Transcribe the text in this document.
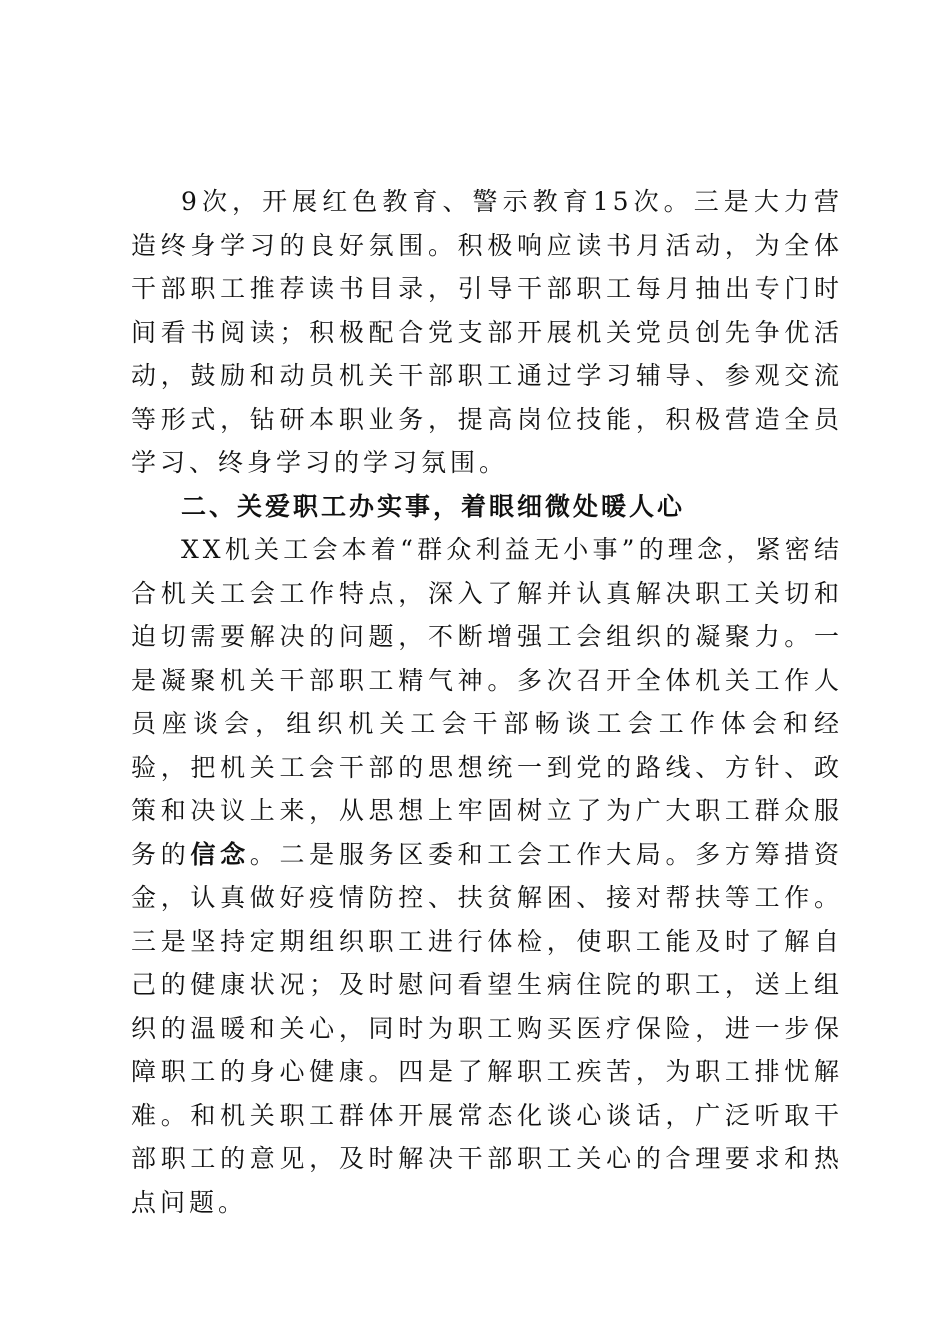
9次，开展红色教育、警示教育15次。三是大力营造终身学习的良好氛围。积极响应读书月活动，为全体干部职工推荐读书目录，引导干部职工每月抽出专门时间看书阅读；积极配合党支部开展机关党员创先争优活动，鼓励和动员机关干部职工通过学习辅导、参观交流等形式，钻研本职业务，提高岗位技能，积极营造全员学习、终身学习的学习氛围。

二、关爱职工办实事，着眼细微处暖人心

XX机关工会本着“群众利益无小事”的理念，紧密结合机关工会工作特点，深入了解并认真解决职工关切和迫切需要解决的问题，不断增强工会组织的凝聚力。一是凝聚机关干部职工精气神。多次召开全体机关工作人员座谈会，组织机关工会干部畅谈工会工作体会和经验，把机关工会干部的思想统一到党的路线、方针、政策和决议上来，从思想上牢固树立了为广大职工群众服务的信念。二是服务区委和工会工作大局。多方筹措资金，认真做好疫情防控、扶贫解困、接对帮扶等工作。三是坚持定期组织职工进行体检，使职工能及时了解自己的健康状况；及时慰问看望生病住院的职工，送上组织的温暖和关心，同时为职工购买医疗保险，进一步保障职工的身心健康。四是了解职工疾苦，为职工排忧解难。和机关职工群体开展常态化谈心谈话，广泛听取干部职工的意见，及时解决干部职工关心的合理要求和热点问题。
